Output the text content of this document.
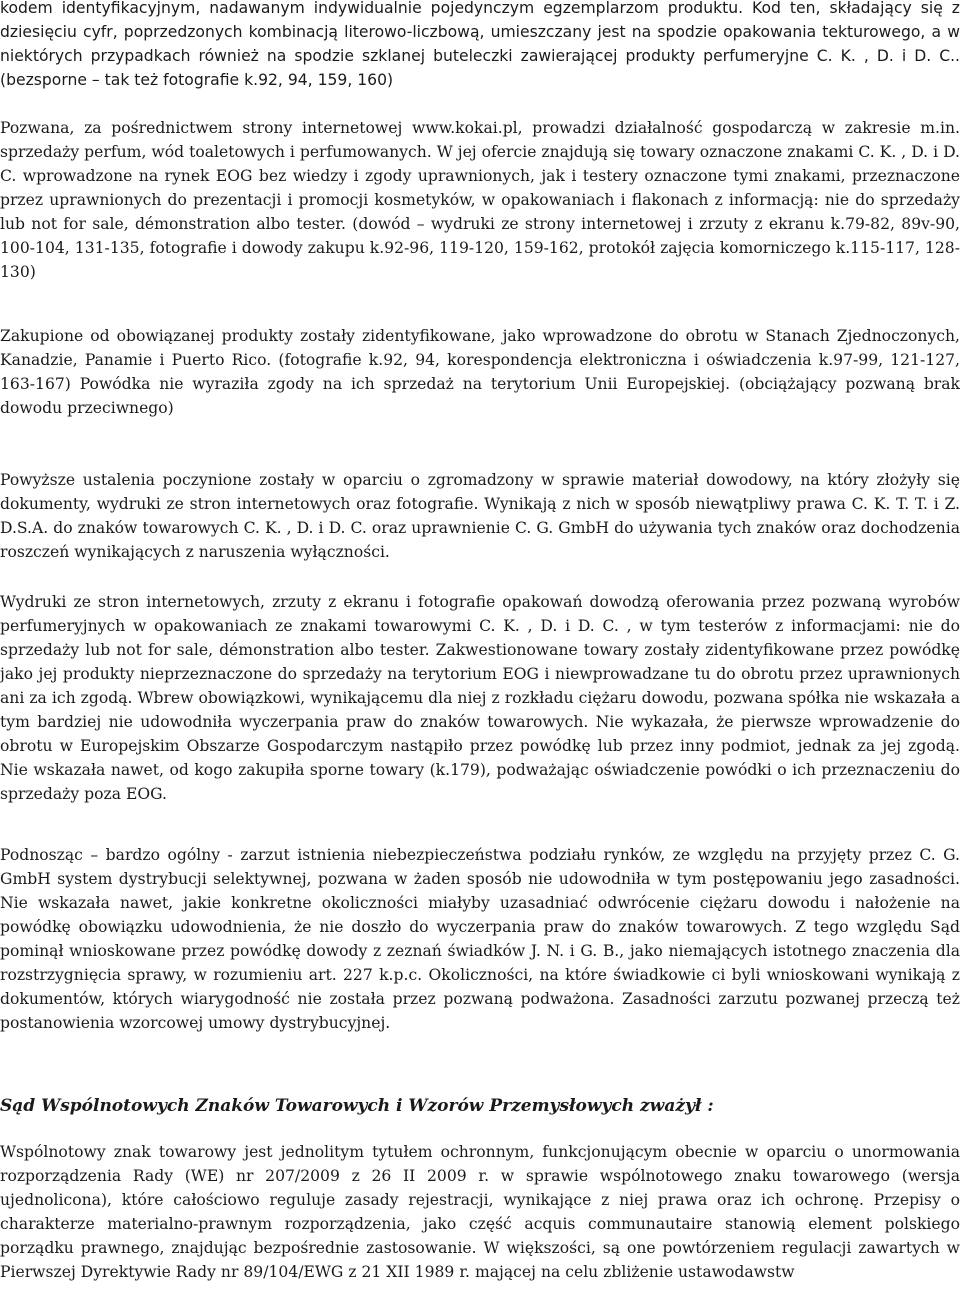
kodem identyfikacyjnym, nadawanym indywidualnie pojedynczym egzemplarzom produktu. Kod ten, składający się z dziesięciu cyfr, poprzedzonych kombinacją literowo-liczbową, umieszczany jest na spodzie opakowania tekturowego, a w niektórych przypadkach również na spodzie szklanej buteleczki zawierającej produkty perfumeryjne C. K. , D. i D. C.. (bezsporne – tak też fotografie k.92, 94, 159, 160)

Pozwana, za pośrednictwem strony internetowej www.kokai.pl, prowadzi działalność gospodarczą w zakresie m.in. sprzedaży perfum, wód toaletowych i perfumowanych. W jej ofercie znajdują się towary oznaczone znakami C. K. , D. i D. C. wprowadzone na rynek EOG bez wiedzy i zgody uprawnionych, jak i testery oznaczone tymi znakami, przeznaczone przez uprawnionych do prezentacji i promocji kosmetyków, w opakowaniach i flakonach z informacją: nie do sprzedaży lub not for sale, démonstration albo tester. (dowód – wydruki ze strony internetowej i zrzuty z ekranu k.79-82, 89v-90, 100-104, 131-135, fotografie i dowody zakupu k.92-96, 119-120, 159-162, protokół zajęcia komorniczego k.115-117, 128-130)

Zakupione od obowiązanej produkty zostały zidentyfikowane, jako wprowadzone do obrotu w Stanach Zjednoczonych, Kanadzie, Panamie i Puerto Rico. (fotografie k.92, 94, korespondencja elektroniczna i oświadczenia k.97-99, 121-127, 163-167) Powódka nie wyraziła zgody na ich sprzedaż na terytorium Unii Europejskiej. (obciążający pozwaną brak dowodu przeciwnego)

Powyższe ustalenia poczynione zostały w oparciu o zgromadzony w sprawie materiał dowodowy, na który złożyły się dokumenty, wydruki ze stron internetowych oraz fotografie. Wynikają z nich w sposób niewątpliwy prawa C. K. T. T. i Z. D.S.A. do znaków towarowych C. K. , D. i D. C. oraz uprawnienie C. G. GmbH do używania tych znaków oraz dochodzenia roszczeń wynikających z naruszenia wyłączności.

Wydruki ze stron internetowych, zrzuty z ekranu i fotografie opakowań dowodzą oferowania przez pozwaną wyrobów perfumeryjnych w opakowaniach ze znakami towarowymi C. K. , D. i D. C. , w tym testerów z informacjami: nie do sprzedaży lub not for sale, démonstration albo tester. Zakwestionowane towary zostały zidentyfikowane przez powódkę jako jej produkty nieprzeznaczone do sprzedaży na terytorium EOG i niewprowadzane tu do obrotu przez uprawnionych ani za ich zgodą. Wbrew obowiązkowi, wynikającemu dla niej z rozkładu ciężaru dowodu, pozwana spółka nie wskazała a tym bardziej nie udowodniła wyczerpania praw do znaków towarowych. Nie wykazała, że pierwsze wprowadzenie do obrotu w Europejskim Obszarze Gospodarczym nastąpiło przez powódkę lub przez inny podmiot, jednak za jej zgodą. Nie wskazała nawet, od kogo zakupiła sporne towary (k.179), podważając oświadczenie powódki o ich przeznaczeniu do sprzedaży poza EOG.

Podnosząc – bardzo ogólny - zarzut istnienia niebezpieczeństwa podziału rynków, ze względu na przyjęty przez C. G. GmbH system dystrybucji selektywnej, pozwana w żaden sposób nie udowodniła w tym postępowaniu jego zasadności. Nie wskazała nawet, jakie konkretne okoliczności miałyby uzasadniać odwrócenie ciężaru dowodu i nałożenie na powódkę obowiązku udowodnienia, że nie doszło do wyczerpania praw do znaków towarowych. Z tego względu Sąd pominął wnioskowane przez powódkę dowody z zeznań świadków J. N. i G. B., jako niemających istotnego znaczenia dla rozstrzygnięcia sprawy, w rozumieniu art. 227 k.p.c. Okoliczności, na które świadkowie ci byli wnioskowani wynikają z dokumentów, których wiarygodność nie została przez pozwaną podważona. Zasadności zarzutu pozwanej przeczą też postanowienia wzorcowej umowy dystrybucyjnej.

Sąd Wspólnotowych Znaków Towarowych i Wzorów Przemysłowych zważył :

Wspólnotowy znak towarowy jest jednolitym tytułem ochronnym, funkcjonującym obecnie w oparciu o unormowania rozporządzenia Rady (WE) nr 207/2009 z 26 II 2009 r. w sprawie wspólnotowego znaku towarowego (wersja ujednolicona), które całościowo reguluje zasady rejestracji, wynikające z niej prawa oraz ich ochronę. Przepisy o charakterze materialno-prawnym rozporządzenia, jako część acquis communautaire stanowią element polskiego porządku prawnego, znajdując bezpośrednie zastosowanie. W większości, są one powtórzeniem regulacji zawartych w Pierwszej Dyrektywie Rady nr 89/104/EWG z 21 XII 1989 r. mającej na celu zbliżenie ustawodawstw
